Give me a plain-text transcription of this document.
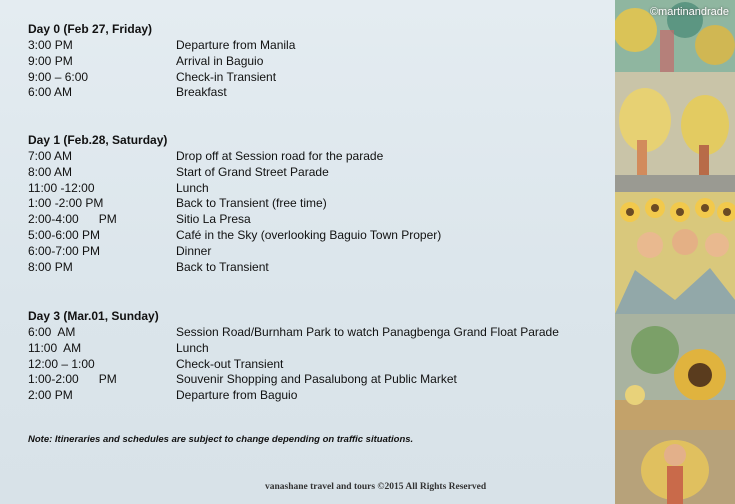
Day 0 (Feb 27, Friday)
3:00 PM	Departure from Manila
9:00 PM	Arrival in Baguio
9:00 – 6:00	Check-in Transient
6:00 AM	Breakfast
Day 1 (Feb.28, Saturday)
7:00 AM	Drop off at Session road for the parade
8:00 AM	Start of Grand Street Parade
11:00 -12:00	Lunch
1:00 -2:00 PM	Back to Transient (free time)
2:00-4:00      PM	Sitio La Presa
5:00-6:00 PM	Café in the Sky (overlooking Baguio Town Proper)
6:00-7:00 PM	Dinner
8:00 PM	Back to Transient
Day 3 (Mar.01, Sunday)
6:00  AM	Session Road/Burnham Park to watch Panagbenga Grand Float Parade
11:00  AM	Lunch
12:00 – 1:00	Check-out Transient
1:00-2:00      PM	Souvenir Shopping and Pasalubong at Public Market
2:00 PM	Departure from Baguio
Note: Itineraries and schedules are subject to change depending on traffic situations.
vanashane travel and tours ©2015 All Rights Reserved
©martinandrade
